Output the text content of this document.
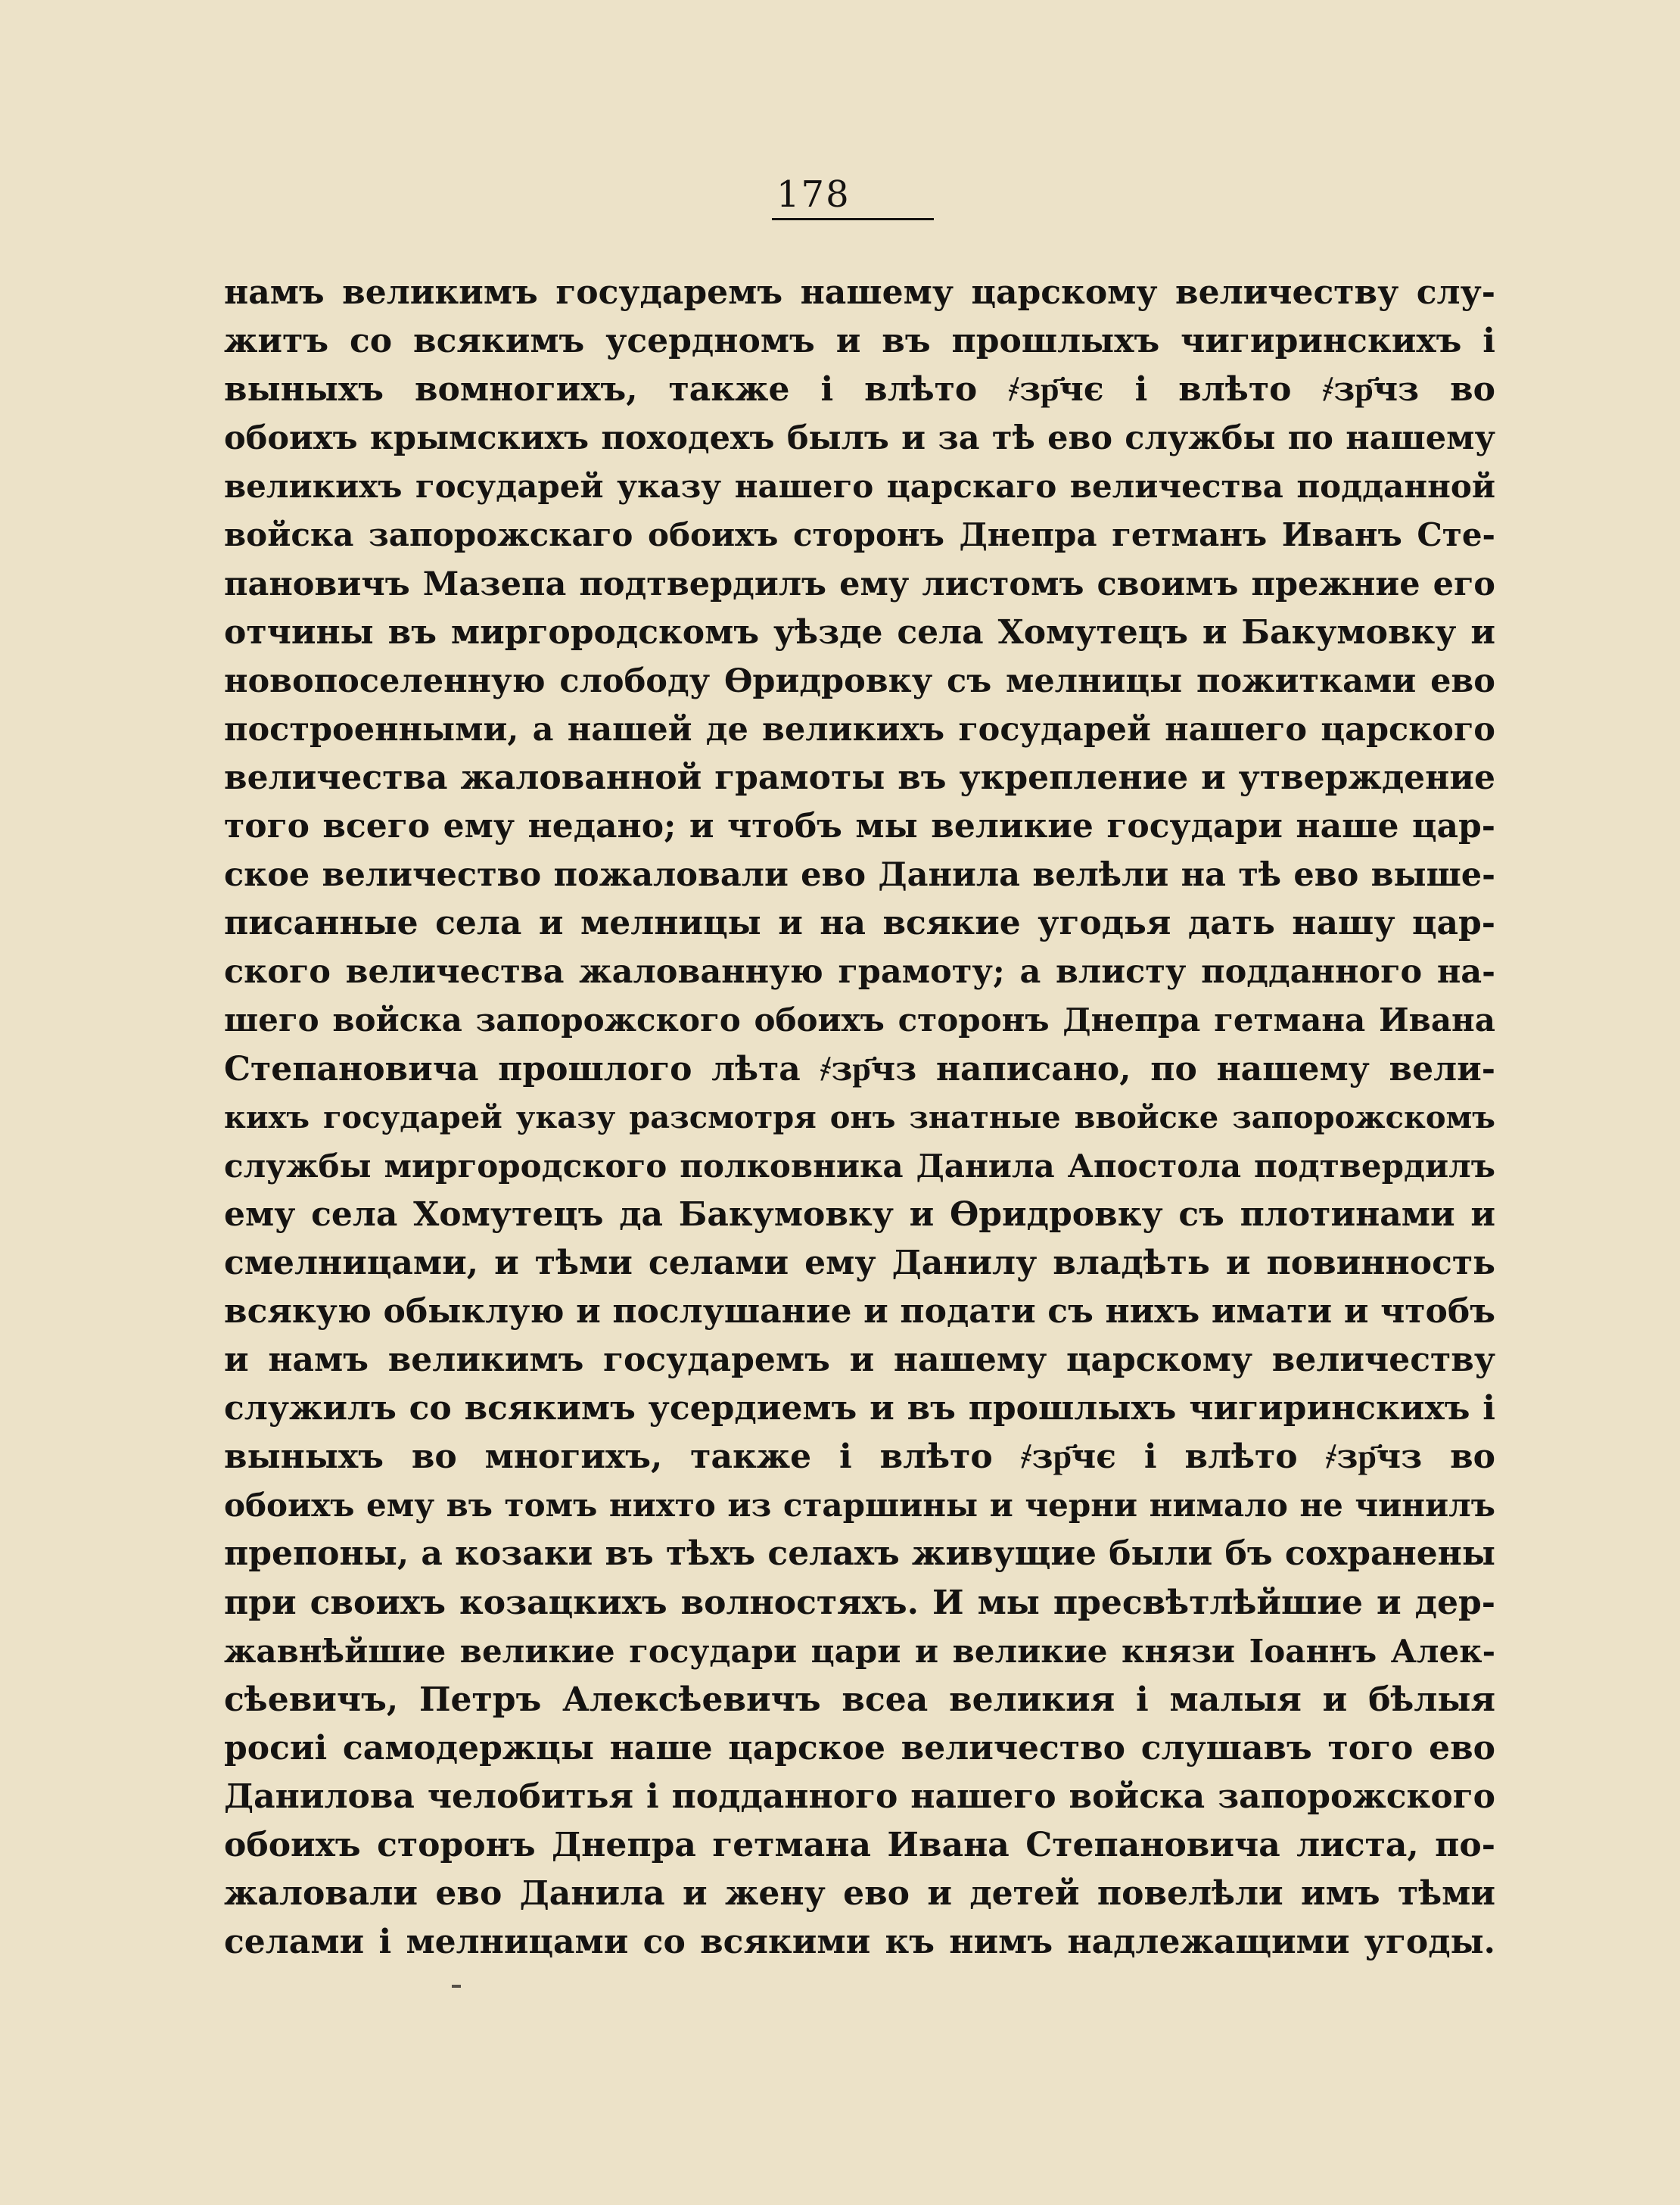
178
намъ великимъ государемъ нашему царскому величеству слу-
житъ со всякимъ усердномъ и въ прошлыхъ чигиринскихъ і
выныхъ вомногихъ, также і влѣто ҂зр҃чє і влѣто ҂зр҃чз во
обоихъ крымскихъ походехъ былъ и за тѣ ево службы по нашему
великихъ государей указу нашего царскаго величества подданной
войска запорожскаго обоихъ сторонъ Днепра гетманъ Иванъ Сте-
пановичъ Мазепа подтвердилъ ему листомъ своимъ прежние его
отчины въ миргородскомъ уѣзде села Хомутецъ и Бакумовку и
новопоселенную слободу Ѳридровку съ мелницы пожитками ево
построенными, а нашей де великихъ государей нашего царского
величества жалованной грамоты въ укрепление и утверждение
того всего ему недано; и чтобъ мы великие государи наше цар-
ское величество пожаловали ево Данила велѣли на тѣ ево выше-
писанные села и мелницы и на всякие угодья дать нашу цар-
ского величества жалованную грамоту; а влисту подданного на-
шего войска запорожского обоихъ сторонъ Днепра гетмана Ивана
Степановича прошлого лѣта ҂зр҃чз написано, по нашему вели-
кихъ государей указу разсмотря онъ знатные ввойске запорожскомъ
службы миргородского полковника Данила Апостола подтвердилъ
ему села Хомутецъ да Бакумовку и Ѳридровку съ плотинами и
смелницами, и тѣми селами ему Данилу владѣть и повинность
всякую обыклую и послушание и подати съ нихъ имати и чтобъ
и намъ великимъ государемъ и нашему царскому величеству
служилъ со всякимъ усердиемъ и въ прошлыхъ чигиринскихъ і
выныхъ во многихъ, также і влѣто ҂зр҃чє і влѣто ҂зр҃чз во
обоихъ ему въ томъ нихто из старшины и черни нимало не чинилъ
препоны, а козаки въ тѣхъ селахъ живущие были бъ сохранены
при своихъ козацкихъ волностяхъ. И мы пресвѣтлѣйшие и дер-
жавнѣйшие великие государи цари и великие князи Іоаннъ Алек-
сѣевичъ, Петръ Алексѣевичъ всеа великия і малыя и бѣлыя
росиі самодержцы наше царское величество слушавъ того ево
Данилова челобитья і подданного нашего войска запорожского
обоихъ сторонъ Днепра гетмана Ивана Степановича листа, по-
жаловали ево Данила и жену ево и детей повелѣли имъ тѣми
селами і мелницами со всякими къ нимъ надлежащими угоды.
